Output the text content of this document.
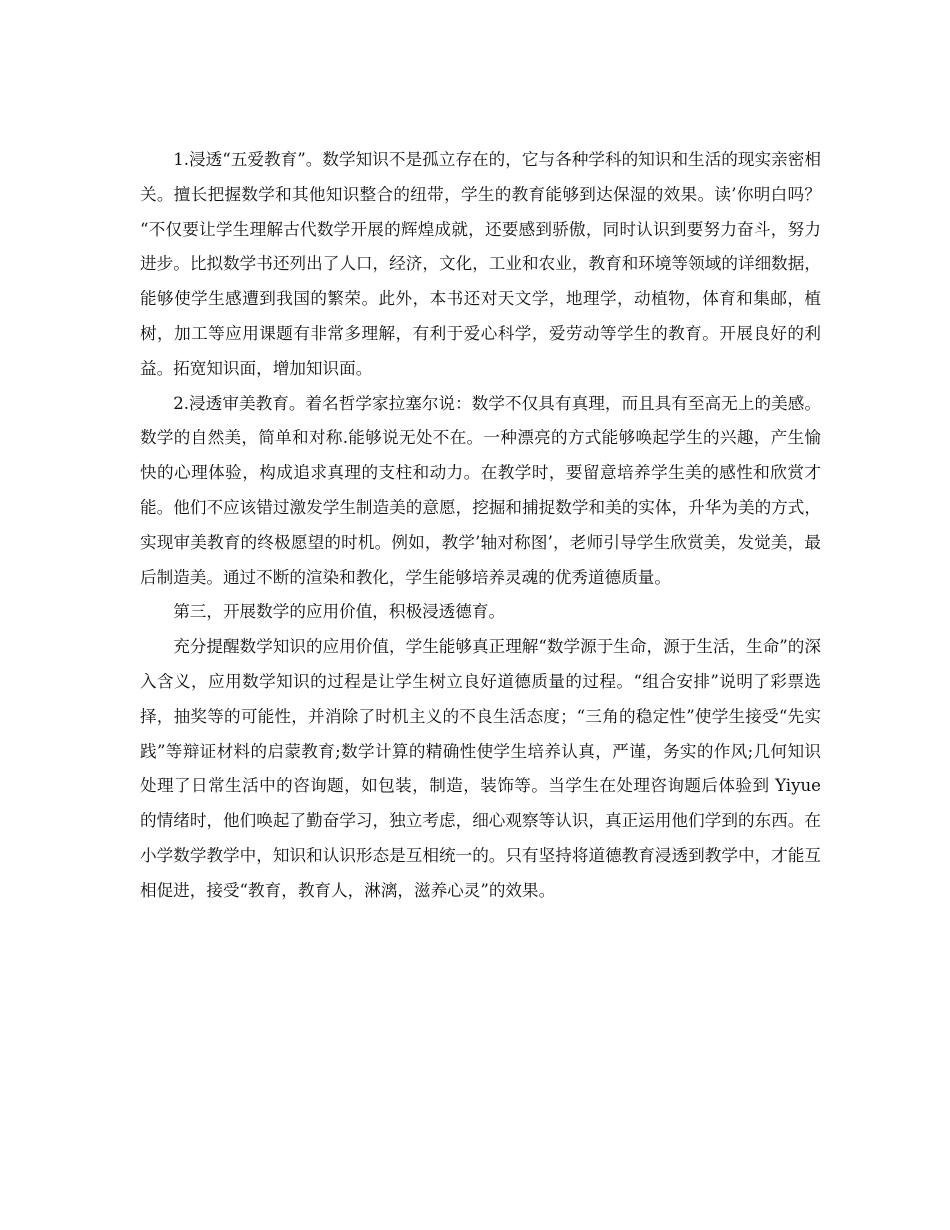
1.浸透“五爱教育”。数学知识不是孤立存在的，它与各种学科的知识和生活的现实亲密相关。擅长把握数学和其他知识整合的纽带，学生的教育能够到达保湿的效果。读’你明白吗？ “不仅要让学生理解古代数学开展的辉煌成就，还要感到骄傲，同时认识到要努力奋斗，努力进步。比拟数学书还列出了人口，经济，文化，工业和农业，教育和环境等领域的详细数据，能够使学生感遭到我国的繁荣。此外，本书还对天文学，地理学，动植物，体育和集邮，植树，加工等应用课题有非常多理解，有利于爱心科学，爱劳动等学生的教育。开展良好的利益。拓宽知识面，增加知识面。

2.浸透审美教育。着名哲学家拉塞尔说：数学不仅具有真理，而且具有至高无上的美感。数学的自然美，简单和对称.能够说无处不在。一种漂亮的方式能够唤起学生的兴趣，产生愉快的心理体验，构成追求真理的支柱和动力。在教学时，要留意培养学生美的感性和欣赏才能。他们不应该错过激发学生制造美的意愿，挖掘和捕捉数学和美的实体，升华为美的方式，实现审美教育的终极愿望的时机。例如，教学’轴对称图’，老师引导学生欣赏美，发觉美，最后制造美。通过不断的渲染和教化，学生能够培养灵魂的优秀道德质量。

第三，开展数学的应用价值，积极浸透德育。

充分提醒数学知识的应用价值，学生能够真正理解“数学源于生命，源于生活，生命”的深入含义，应用数学知识的过程是让学生树立良好道德质量的过程。“组合安排”说明了彩票选择，抽奖等的可能性，并消除了时机主义的不良生活态度；“三角的稳定性”使学生接受“先实践”等辩证材料的启蒙教育;数学计算的精确性使学生培养认真，严谨，务实的作风;几何知识处理了日常生活中的咨询题，如包装，制造，装饰等。当学生在处理咨询题后体验到 Yiyue 的情绪时，他们唤起了勤奋学习，独立考虑，细心观察等认识，真正运用他们学到的东西。在小学数学教学中，知识和认识形态是互相统一的。只有坚持将道德教育浸透到教学中，才能互相促进，接受“教育，教育人，淋漓，滋养心灵”的效果。
